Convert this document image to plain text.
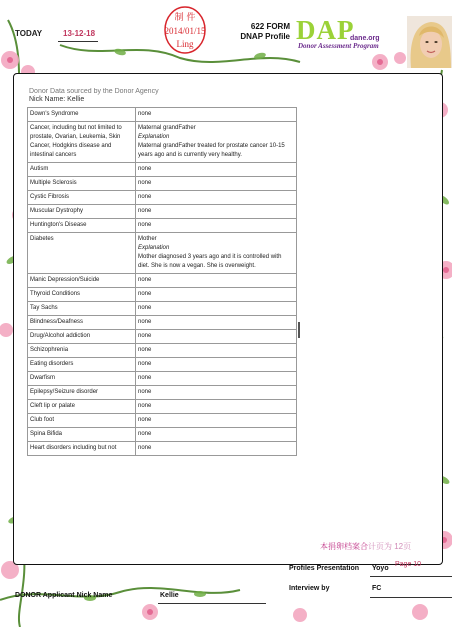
TODAY	13-12-18
制 件
2014/01/15
Ling
622 FORM
DNAP Profile DAP
dane.org
Donor Assessment Program
Donor Data sourced by the Donor Agency
Nick Name: Kellie
Down's Syndrome	none

Cancer, including but not limited to prostate, Ovarian, Leukemia, Skin Cancer, Hodgkins disease and intestinal cancers	Maternal grandFather
Explanation
Maternal grandFather treated for prostate cancer 10-15 years ago and is currently very healthy.

Autism	none

Multiple Sclerosis	none

Cystic Fibrosis	none

Muscular Dystrophy	none

Huntington's Disease	none

Diabetes	Mother
Explanation
Mother diagnosed 3 years ago and it is controlled with diet. She is now a vegan. She is overweight.

Manic Depression/Suicide	none

Thyroid Conditions	none

Tay Sachs	none

Blindness/Deafness	none

Drug/Alcohol addiction	none

Schizophrenia	none

Eating disorders	none

Dwarfism	none

Epilepsy/Seizure disorder	none

Cleft lip or palate	none

Club foot	none

Spina Bifida	none

Heart disorders including but not	none
本捐卵档案合计页为 12页
Profiles Presentation Yoyo
Page 10
Interview by	FC
DONOR Applicant Nick Name	Kellie
